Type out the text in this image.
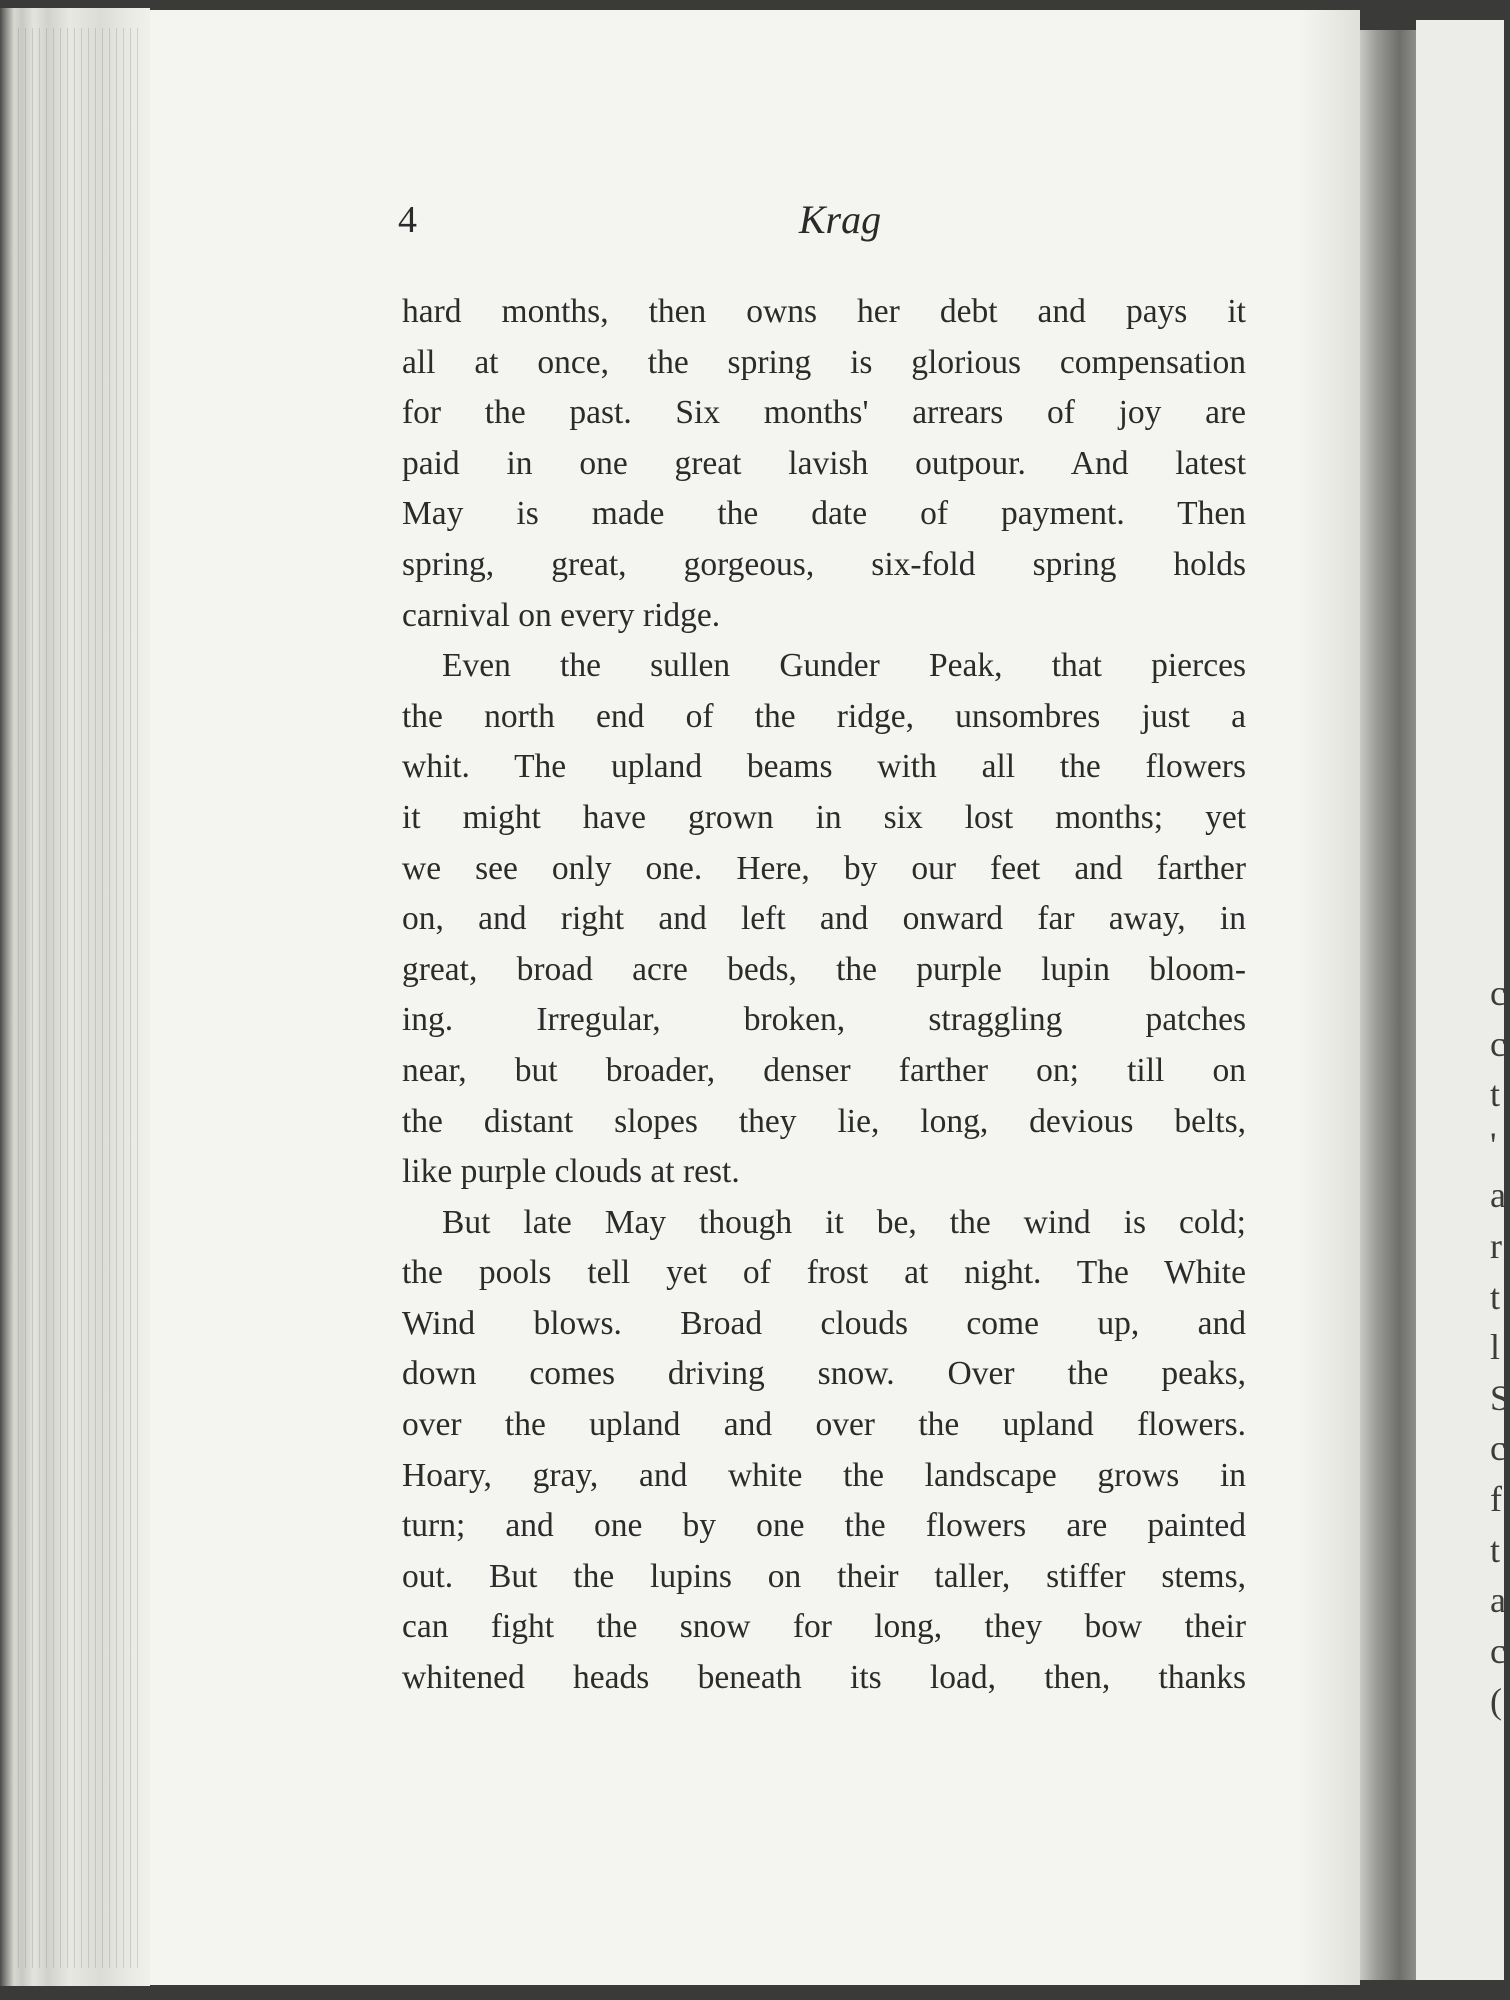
c
c
t
'
a
r
t
l
S
c
f
t
a
c
(
4	Krag
hard months, then owns her debt and pays it
all at once, the spring is glorious compensation
for the past. Six months' arrears of joy are
paid in one great lavish outpour. And latest
May is made the date of payment. Then
spring, great, gorgeous, six-fold spring holds
carnival on every ridge.
Even the sullen Gunder Peak, that pierces
the north end of the ridge, unsombres just a
whit. The upland beams with all the flowers
it might have grown in six lost months; yet
we see only one. Here, by our feet and farther
on, and right and left and onward far away, in
great, broad acre beds, the purple lupin bloom-
ing. Irregular, broken, straggling patches
near, but broader, denser farther on; till on
the distant slopes they lie, long, devious belts,
like purple clouds at rest.
But late May though it be, the wind is cold;
the pools tell yet of frost at night. The White
Wind blows. Broad clouds come up, and
down comes driving snow. Over the peaks,
over the upland and over the upland flowers.
Hoary, gray, and white the landscape grows in
turn; and one by one the flowers are painted
out. But the lupins on their taller, stiffer stems,
can fight the snow for long, they bow their
whitened heads beneath its load, then, thanks
